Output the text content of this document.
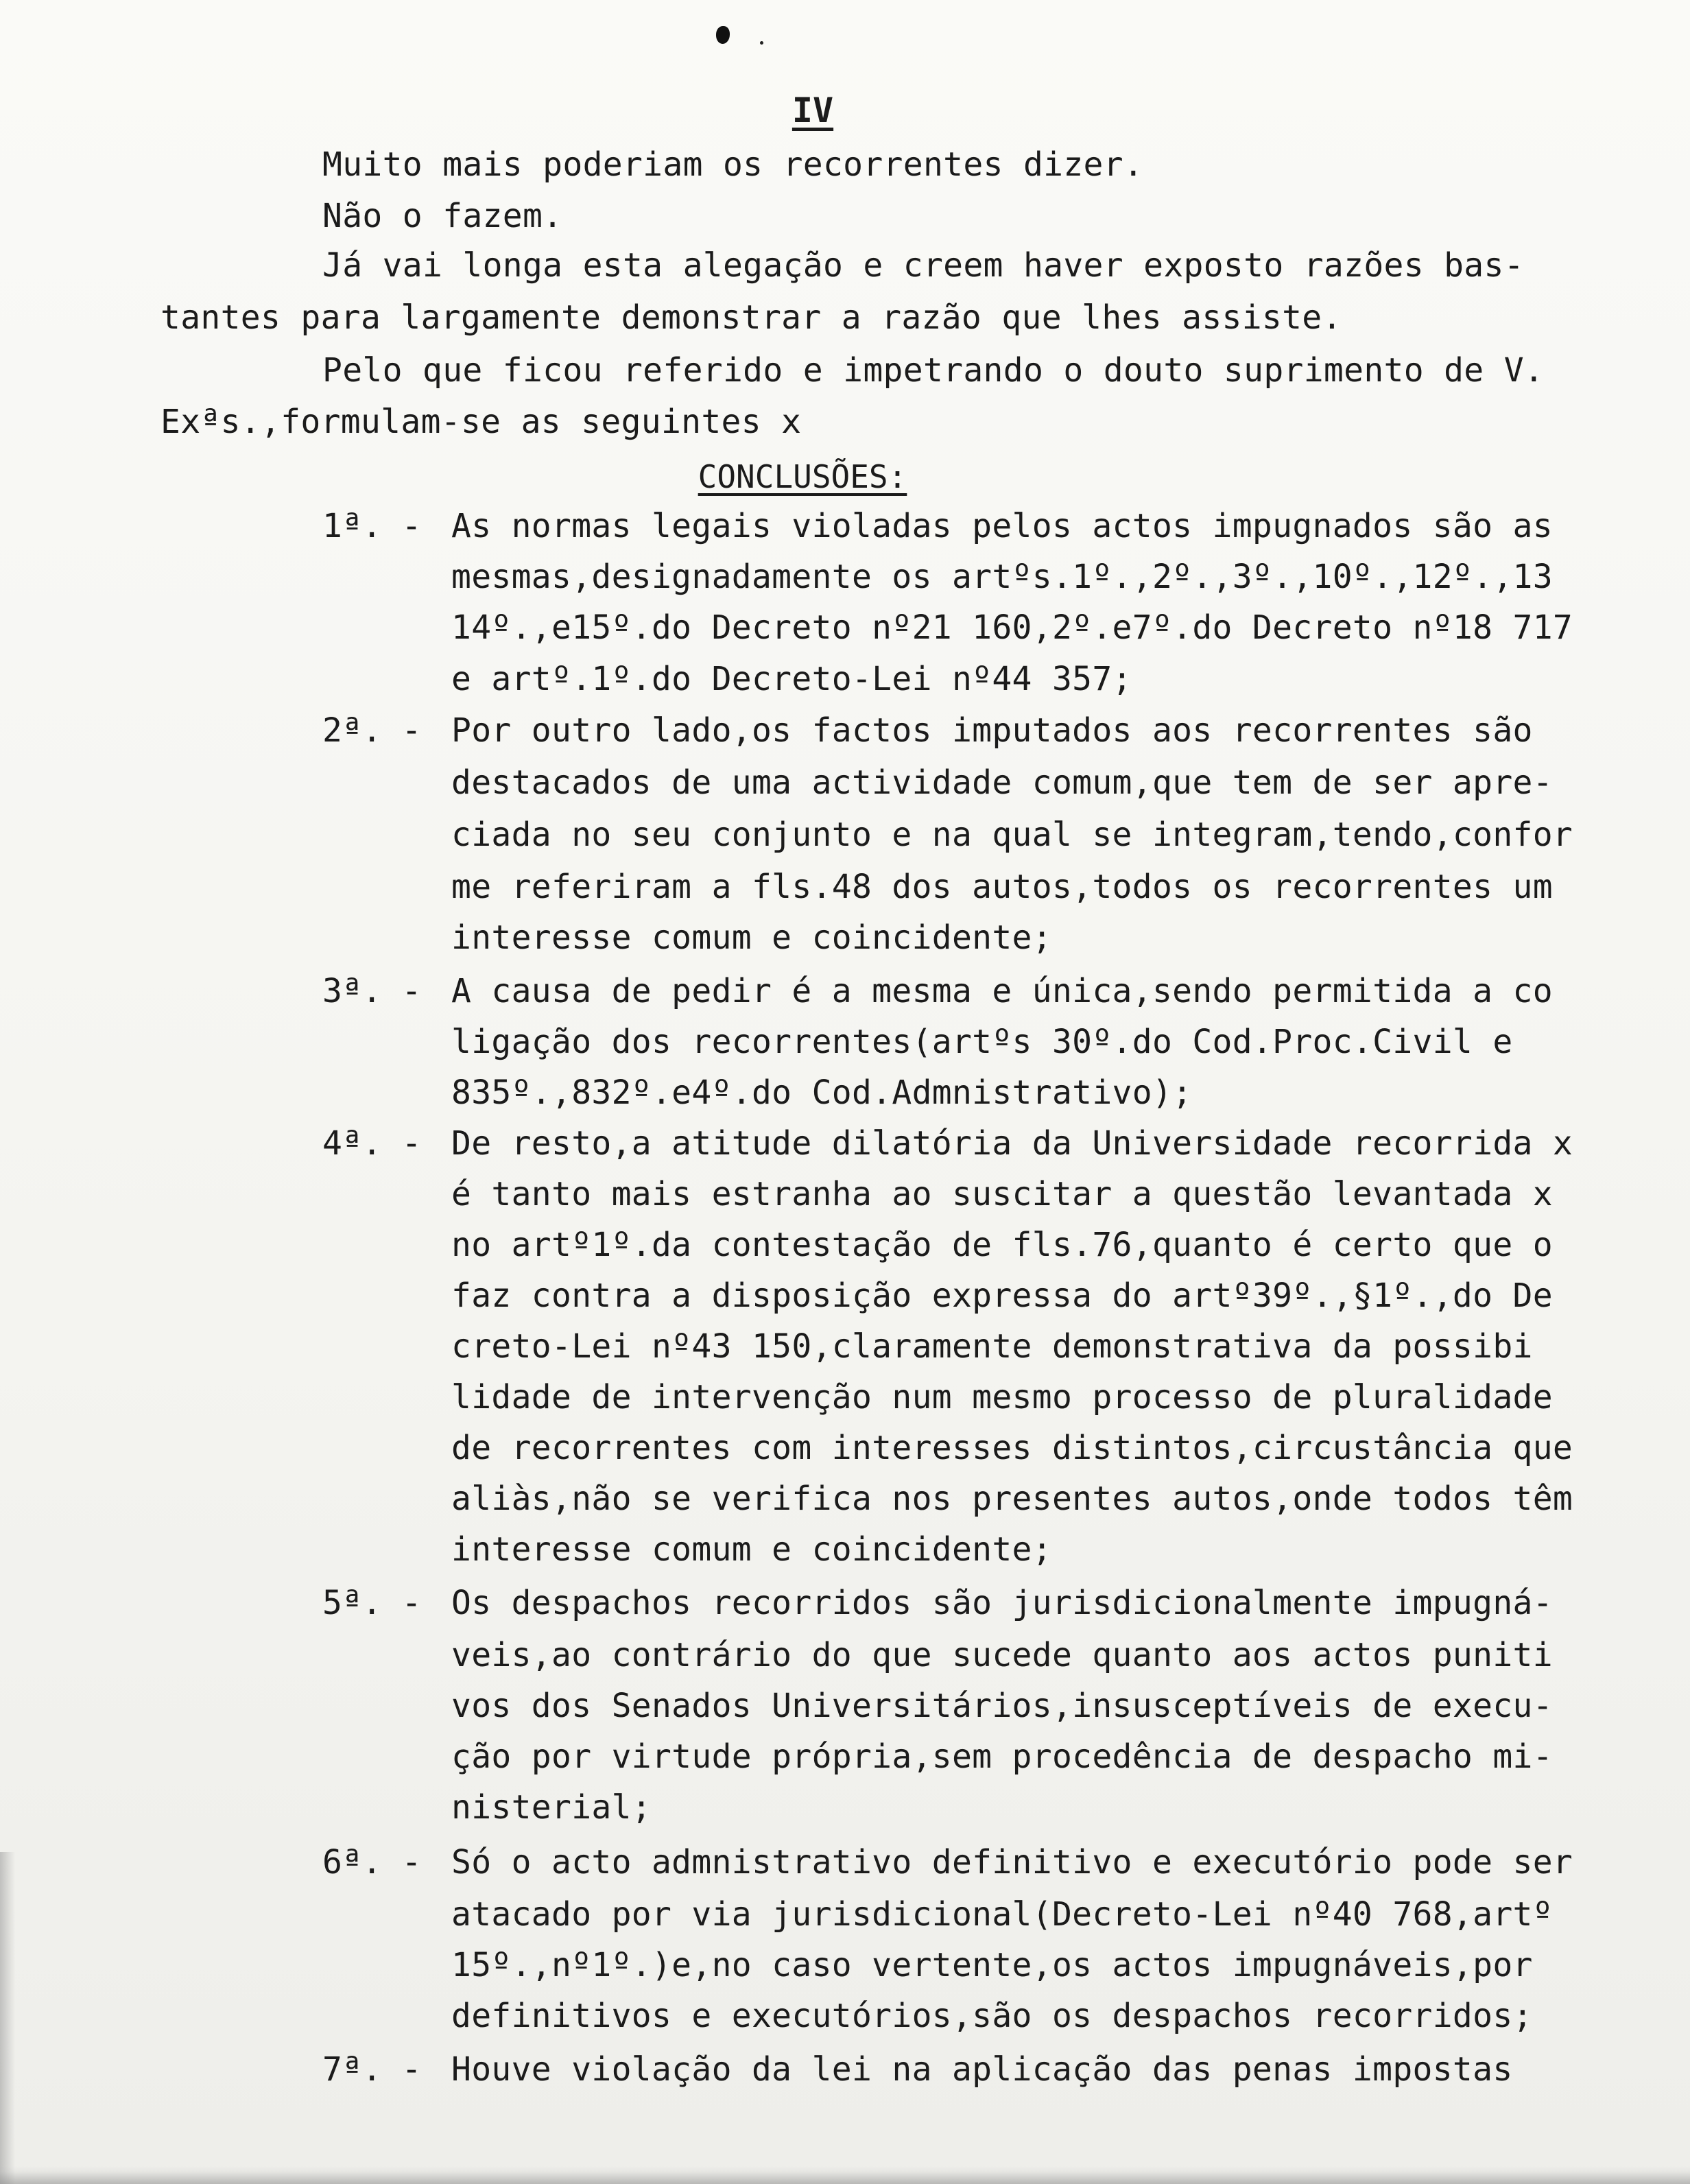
IV
Muito mais poderiam os recorrentes dizer.
Não o fazem.
Já vai longa esta alegação e creem haver exposto razões bas-
tantes para largamente demonstrar a razão que lhes assiste.
Pelo que ficou referido e impetrando o douto suprimento de V.
Exªs.,formulam-se as seguintes x
CONCLUSÕES:
1ª. - As normas legais violadas pelos actos impugnados são as
mesmas,designadamente os artºs.1º.,2º.,3º.,10º.,12º.,13
14º.,e15º.do Decreto nº21 160,2º.e7º.do Decreto nº18 717
e artº.1º.do Decreto-Lei nº44 357;
2ª. - Por outro lado,os factos imputados aos recorrentes são
destacados de uma actividade comum,que tem de ser apre-
ciada no seu conjunto e na qual se integram,tendo,confor
me referiram a fls.48 dos autos,todos os recorrentes um
interesse comum e coincidente;
3ª. - A causa de pedir é a mesma e única,sendo permitida a co
ligação dos recorrentes(artºs 30º.do Cod.Proc.Civil e
835º.,832º.e4º.do Cod.Admnistrativo);
4ª. - De resto,a atitude dilatória da Universidade recorrida x
é tanto mais estranha ao suscitar a questão levantada x
no artº1º.da contestação de fls.76,quanto é certo que o
faz contra a disposição expressa do artº39º.,§1º.,do De
creto-Lei nº43 150,claramente demonstrativa da possibi
lidade de intervenção num mesmo processo de pluralidade
de recorrentes com interesses distintos,circustância que
aliàs,não se verifica nos presentes autos,onde todos têm
interesse comum e coincidente;
5ª. - Os despachos recorridos são jurisdicionalmente impugná-
veis,ao contrário do que sucede quanto aos actos puniti
vos dos Senados Universitários,insusceptíveis de execu-
ção por virtude própria,sem procedência de despacho mi-
nisterial;
6ª. - Só o acto admnistrativo definitivo e executório pode ser
atacado por via jurisdicional(Decreto-Lei nº40 768,artº
15º.,nº1º.)e,no caso vertente,os actos impugnáveis,por
definitivos e executórios,são os despachos recorridos;
7ª. - Houve violação da lei na aplicação das penas impostas
